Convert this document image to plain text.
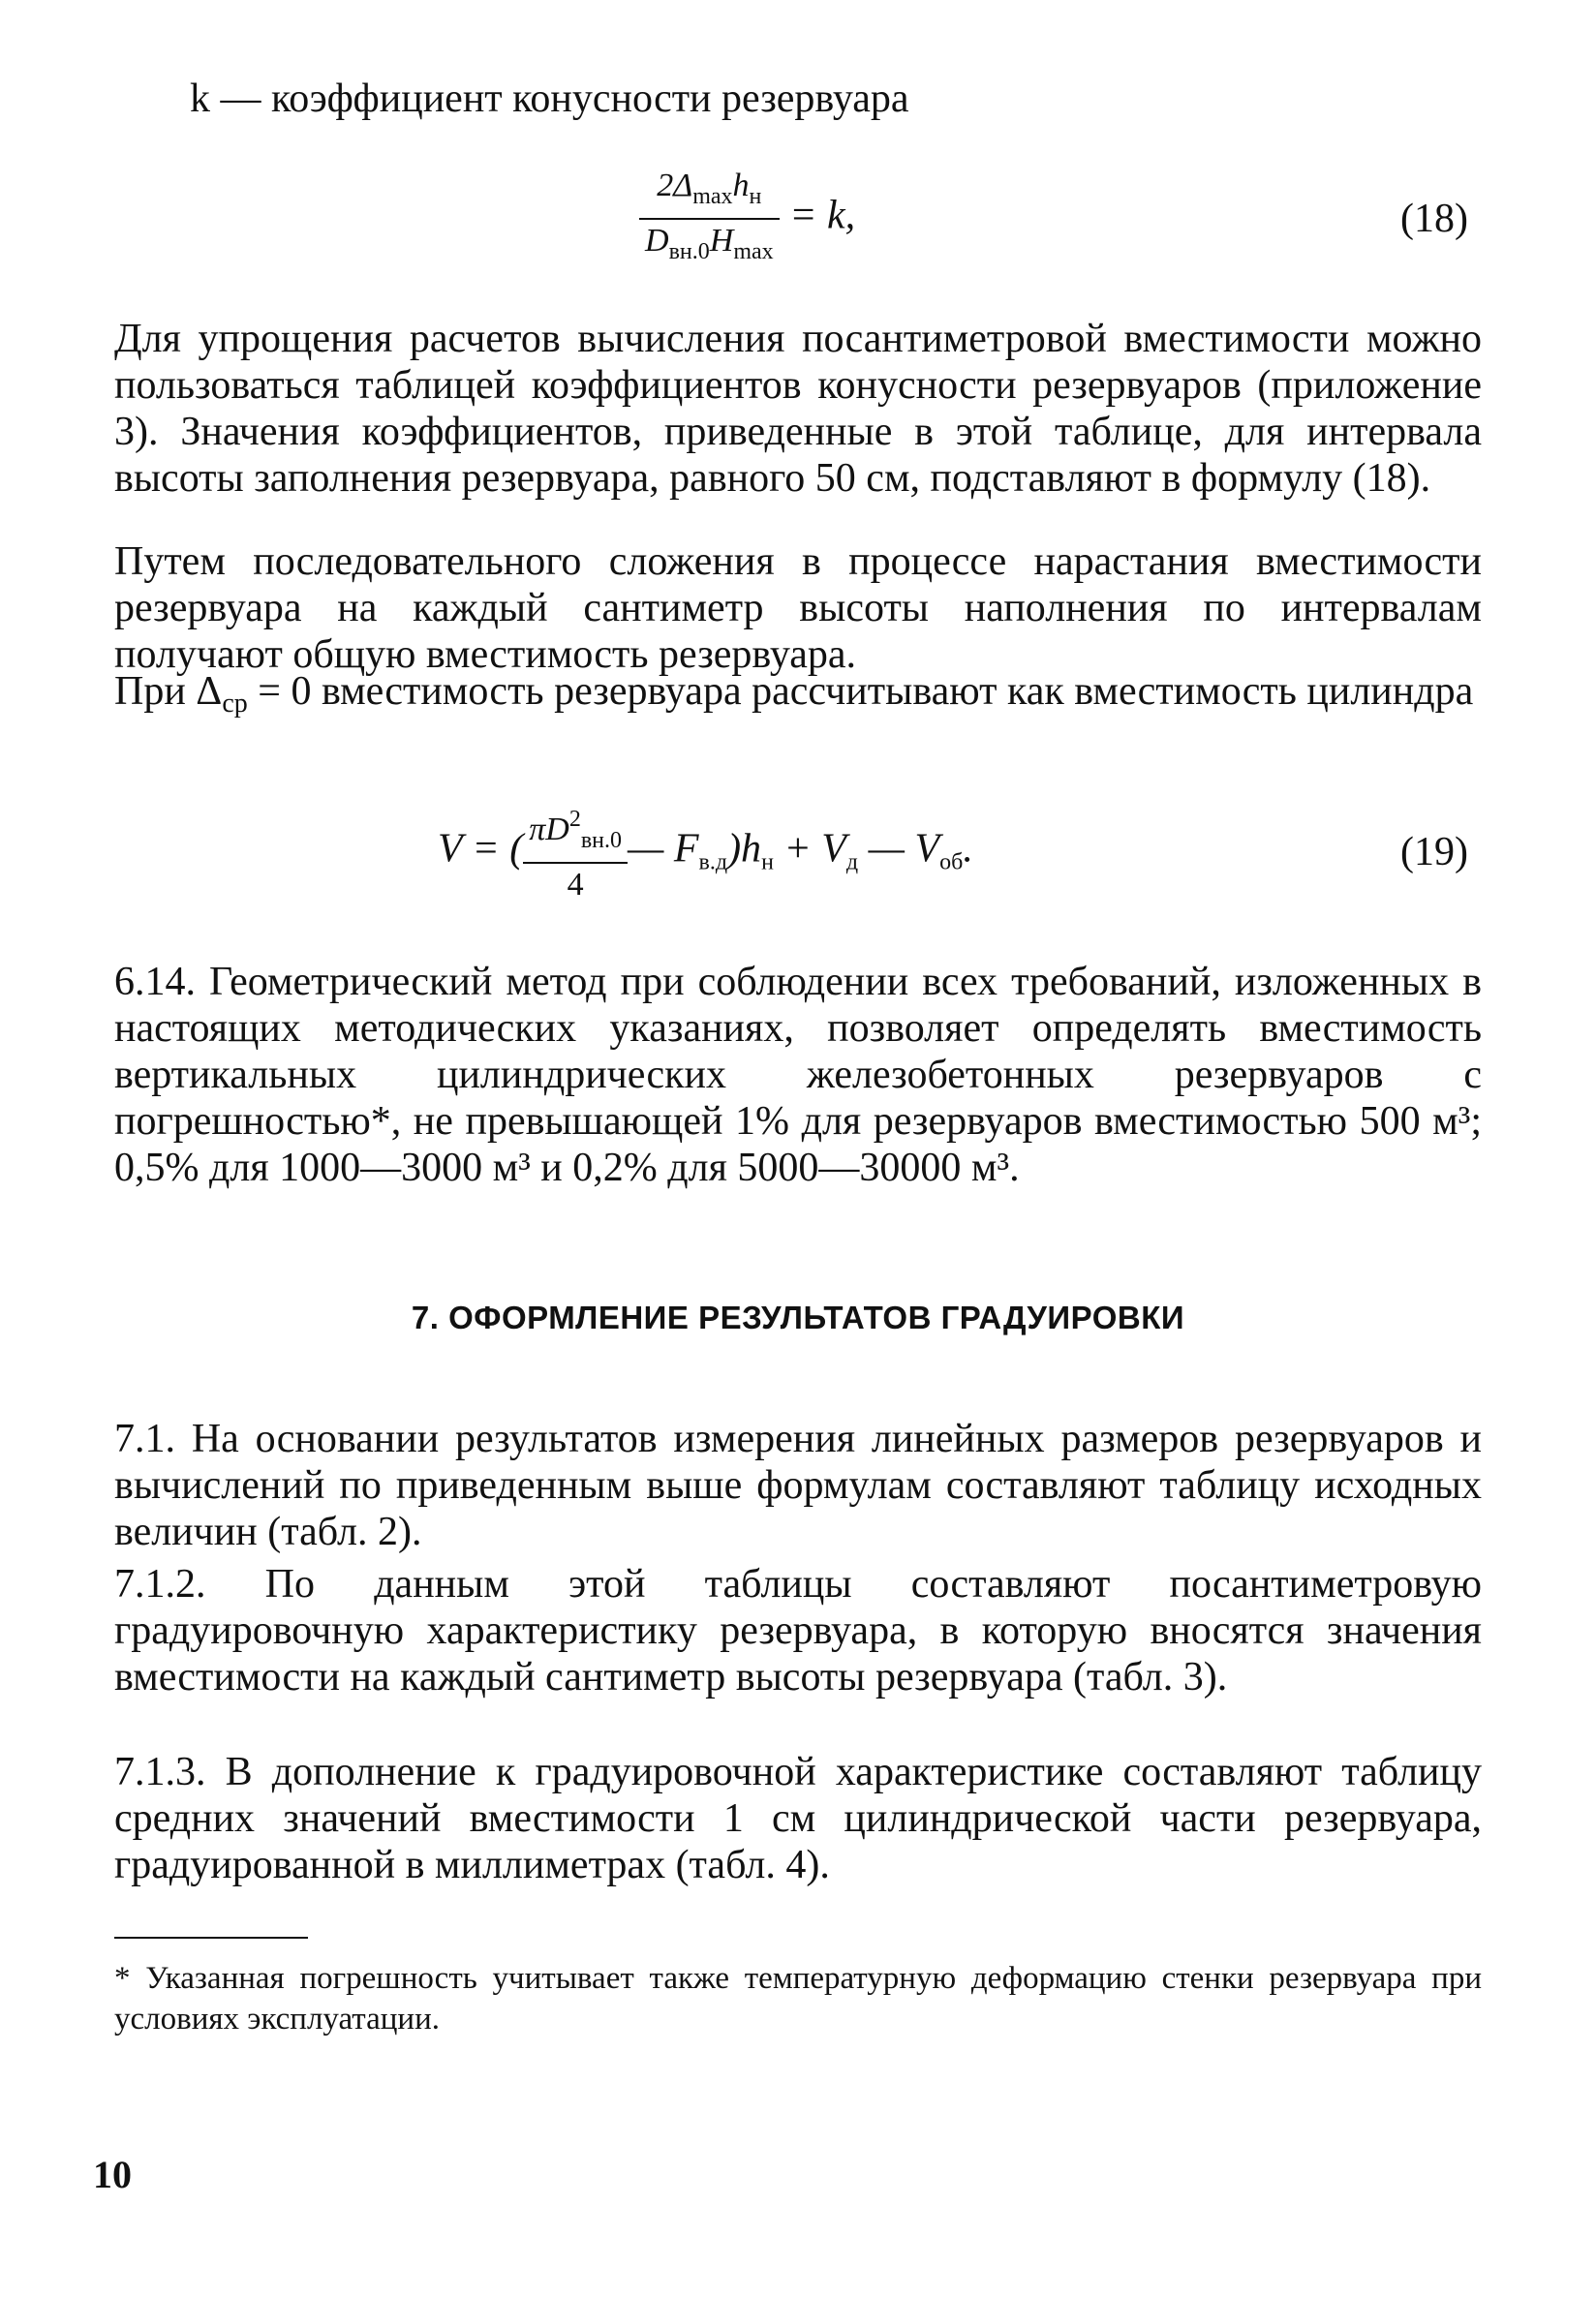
k — коэффициент конусности резервуара
$\frac{2\Delta_{max}h_н}{D_{вн.0}H_{max}} = k$,	(18)
Для упрощения расчетов вычисления посантиметровой вместимости можно пользоваться таблицей коэффициентов конусности резервуаров (приложение 3). Значения коэффициентов, приведенные в этой таблице, для интервала высоты заполнения резервуара, равного 50 см, подставляют в формулу (18).
Путем последовательного сложения в процессе нарастания вместимости резервуара на каждый сантиметр высоты наполнения по интервалам получают общую вместимость резервуара.
При $\Delta_{ср} = 0$ вместимость резервуара рассчитывают как вместимость цилиндра
V = ( $\frac{\pi D^2_{вн.0}}{4}$ — $F_{в.д})h_н + V_д$ — $V_{об}$.	(19)
6.14. Геометрический метод при соблюдении всех требований, изложенных в настоящих методических указаниях, позволяет определять вместимость вертикальных цилиндрических железобетонных резервуаров с погрешностью*, не превышающей 1% для резервуаров вместимостью 500 м³; 0,5% для 1000—3000 м³ и 0,2% для 5000—30000 м³.
7. ОФОРМЛЕНИЕ РЕЗУЛЬТАТОВ ГРАДУИРОВКИ
7.1. На основании результатов измерения линейных размеров резервуаров и вычислений по приведенным выше формулам составляют таблицу исходных величин (табл. 2).
7.1.2. По данным этой таблицы составляют посантиметровую градуировочную характеристику резервуара, в которую вносятся значения вместимости на каждый сантиметр высоты резервуара (табл. 3).
7.1.3. В дополнение к градуировочной характеристике составляют таблицу средних значений вместимости 1 см цилиндрической части резервуара, градуированной в миллиметрах (табл. 4).
* Указанная погрешность учитывает также температурную деформацию стенки резервуара при условиях эксплуатации.
10
